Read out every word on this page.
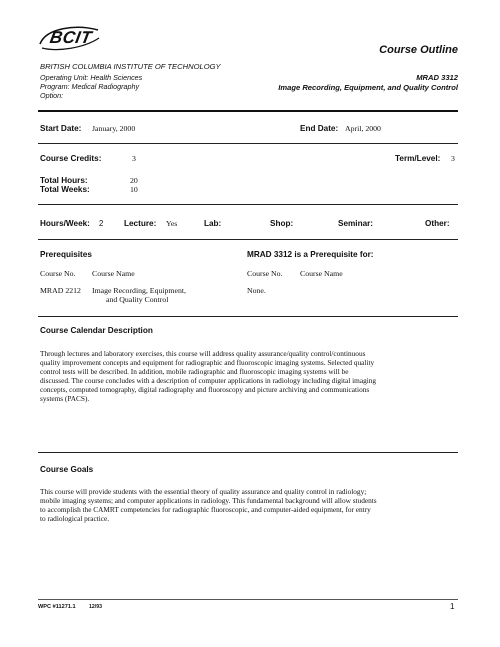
BCIT
Course Outline
BRITISH COLUMBIA INSTITUTE OF TECHNOLOGY
Operating Unit: Health Sciences
Program: Medical Radiography
Option:
MRAD 3312
Image Recording, Equipment, and Quality Control
Start Date: January, 2000	End Date: April, 2000
Course Credits:	3	Term/Level: 3
Total Hours:	20
Total Weeks:	10
Hours/Week: 2	Lecture: Yes	Lab:	Shop:	Seminar:	Other:
Prerequisites
Course No. Course Name
MRAD 2212 Image Recording, Equipment,
and Quality Control
MRAD 3312 is a Prerequisite for:
Course No. Course Name
None.
Course Calendar Description
Through lectures and laboratory exercises, this course will address quality assurance/quality control/continuous
quality improvement concepts and equipment for radiographic and fluoroscopic imaging systems. Selected quality
control tests will be described. In addition, mobile radiographic and fluoroscopic imaging systems will be
discussed. The course concludes with a description of computer applications in radiology including digital imaging
concepts, computed tomography, digital radiography and fluoroscopy and picture archiving and communications
systems (PACS).
Course Goals
This course will provide students with the essential theory of quality assurance and quality control in radiology;
mobile imaging systems; and computer applications in radiology. This fundamental background will allow students
to accomplish the CAMRT competencies for radiographic fluoroscopic, and computer-aided equipment, for entry
to radiological practice.
WPC #11271.1	12/93	1
